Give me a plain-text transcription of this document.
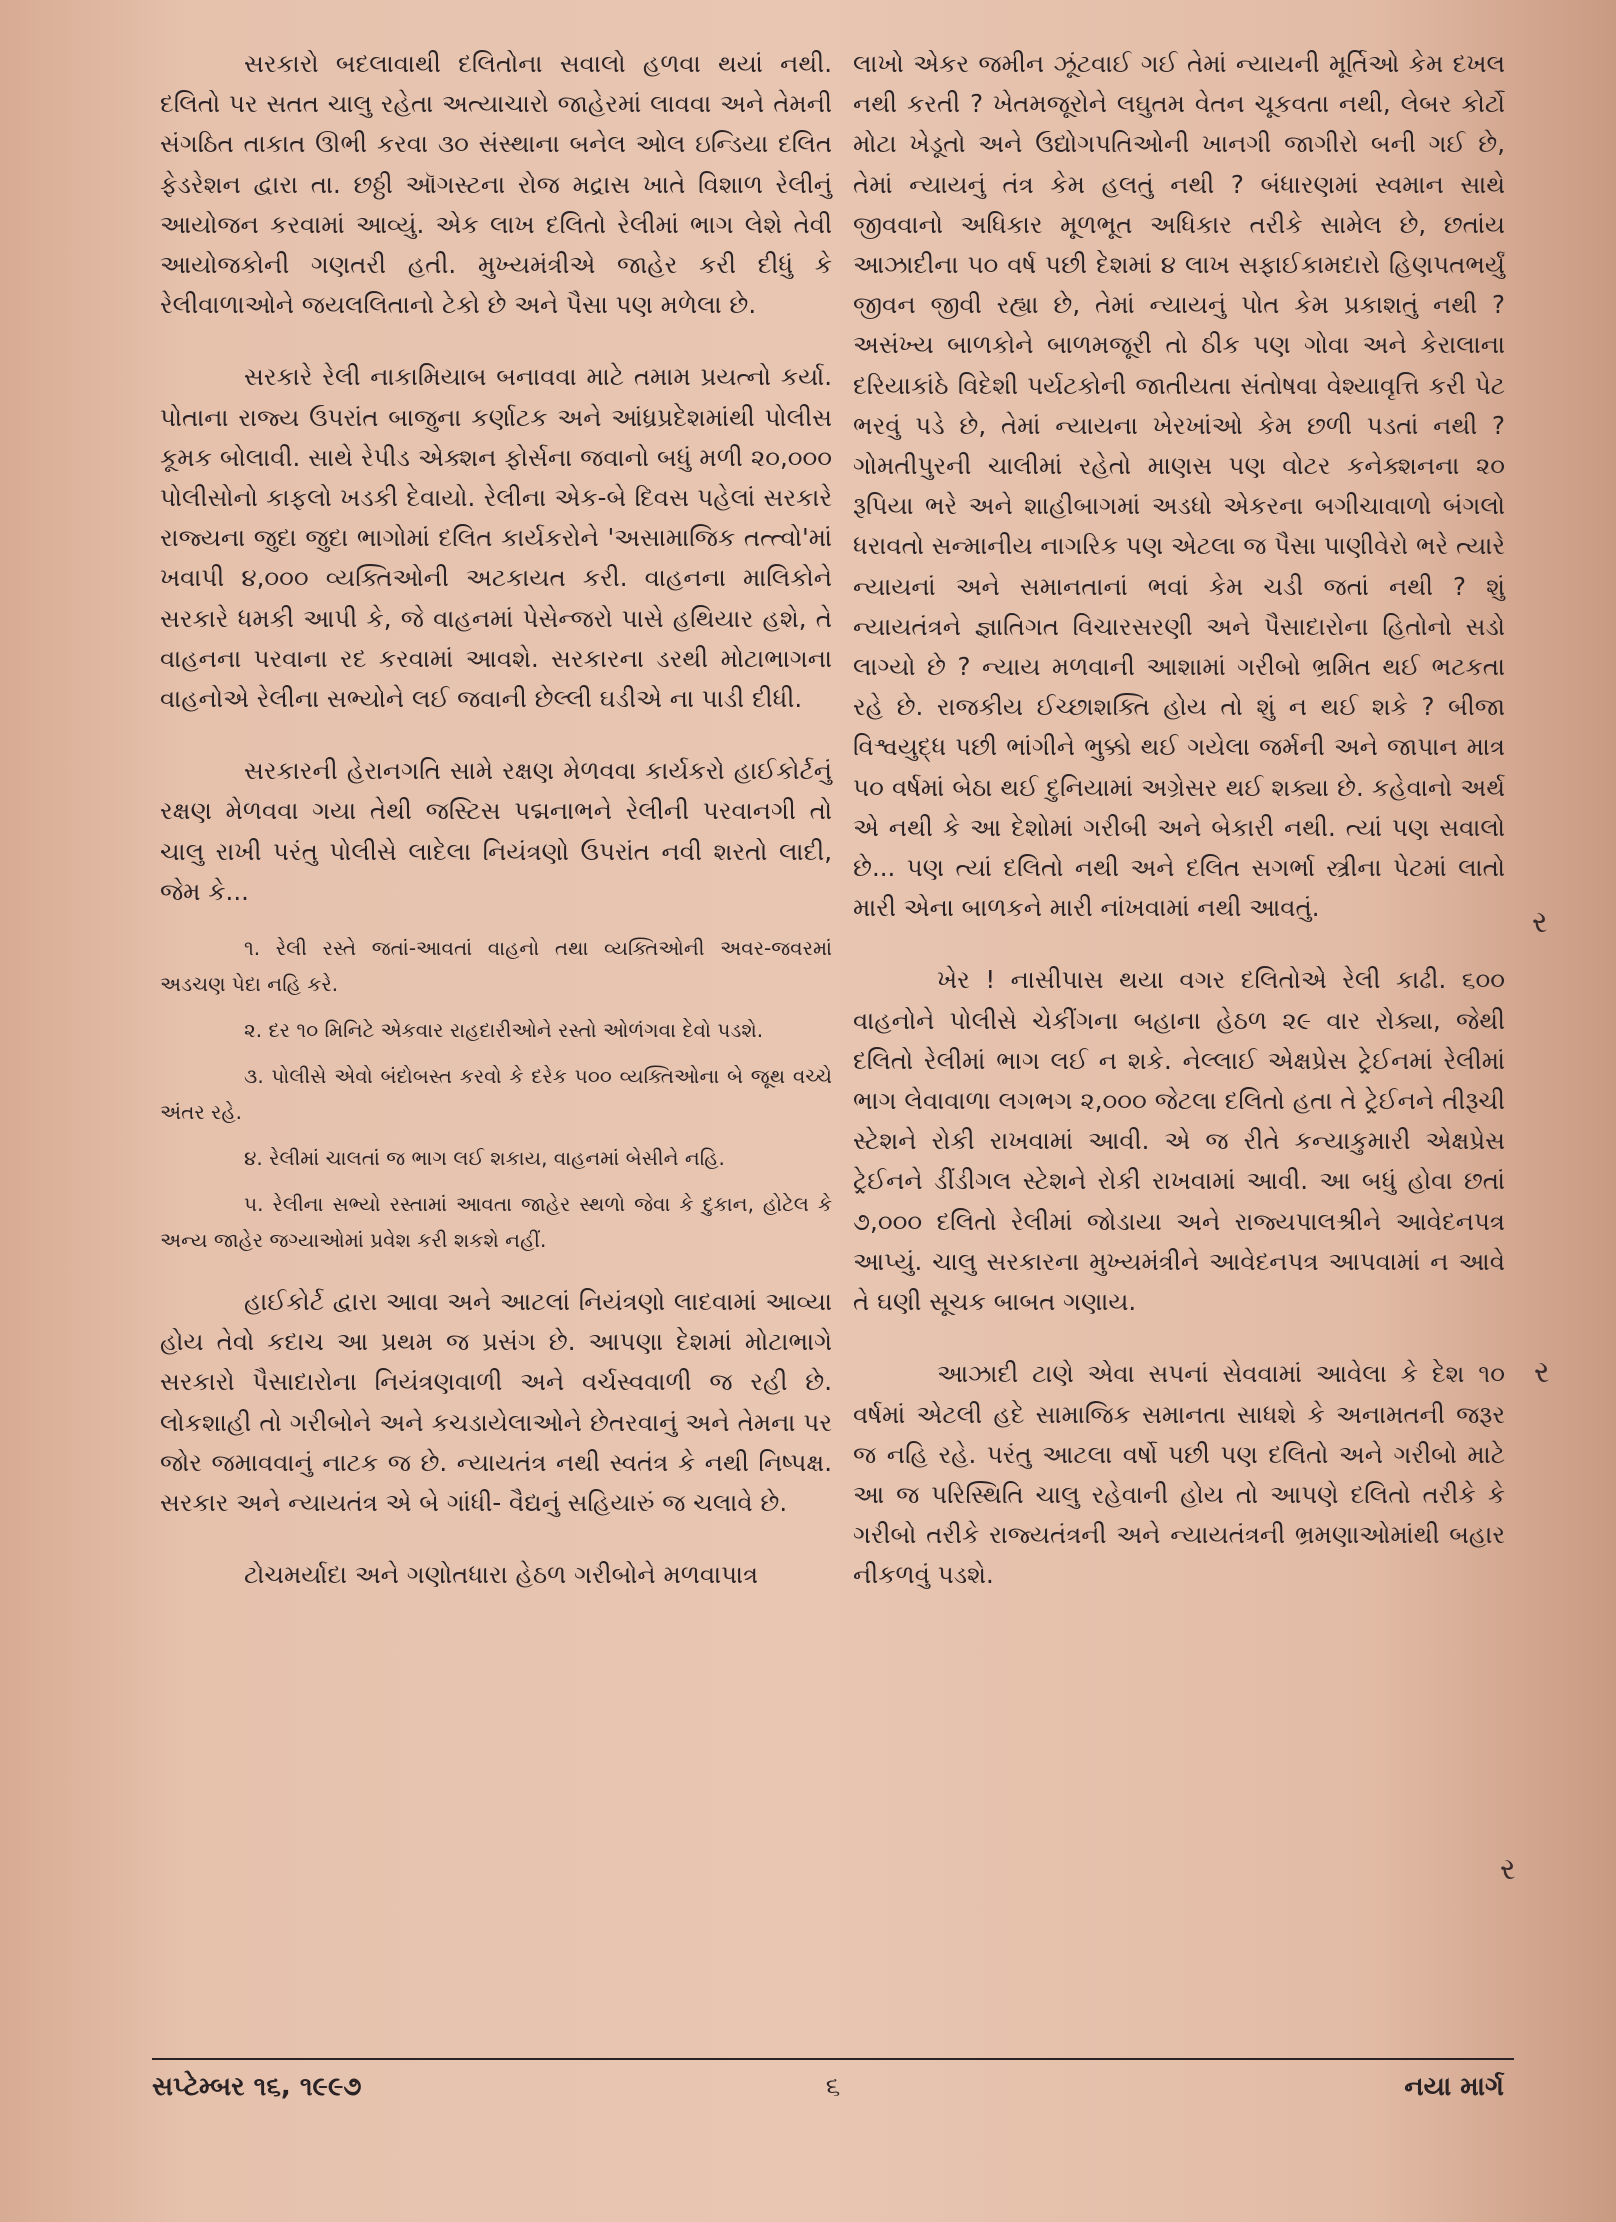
સરકારો બદલાવાથી દલિતોના સવાલો હળવા થયાં નથી. દલિતો પર સતત ચાલુ રહેતા અત્યાચારો જાહેરમાં લાવવા અને તેમની સંગઠિત તાકાત ઊભી કરવા ૩૦ સંસ્થાના બનેલ ઓલ ઇન્ડિયા દલિત ફેડરેશન દ્વારા તા. છઠ્ઠી ઑગસ્ટના રોજ મદ્રાસ ખાતે વિશાળ રેલીનું આયોજન કરવામાં આવ્યું. એક લાખ દલિતો રેલીમાં ભાગ લેશે તેવી આયોજકોની ગણતરી હતી. મુખ્યમંત્રીએ જાહેર કરી દીધું કે રેલીવાળાઓને જયલલિતાનો ટેકો છે અને પૈસા પણ મળેલા છે.

સરકારે રેલી નાકામિયાબ બનાવવા માટે તમામ પ્રયત્નો કર્યા. પોતાના રાજ્ય ઉપરાંત બાજુના કર્ણાટક અને આંધ્રપ્રદેશમાંથી પોલીસ કૂમક બોલાવી. સાથે રેપીડ એક્શન ફોર્સના જવાનો બધું મળી ૨૦,૦૦૦ પોલીસોનો કાફલો ખડકી દેવાયો. રેલીના એક-બે દિવસ પહેલાં સરકારે રાજ્યના જુદા જુદા ભાગોમાં દલિત કાર્યકરોને 'અસામાજિક તત્ત્વો'માં ખવાપી ૪,૦૦૦ વ્યક્તિઓની અટકાયત કરી. વાહનના માલિકોને સરકારે ધમકી આપી કે, જે વાહનમાં પેસેન્જરો પાસે હથિયાર હશે, તે વાહનના પરવાના રદ કરવામાં આવશે. સરકારના ડરથી મોટાભાગના વાહનોએ રેલીના સભ્યોને લઈ જવાની છેલ્લી ઘડીએ ના પાડી દીધી.

સરકારની હેરાનગતિ સામે રક્ષણ મેળવવા કાર્યકરો હાઈકોર્ટનું રક્ષણ મેળવવા ગયા તેથી જસ્ટિસ પદ્મનાભને રેલીની પરવાનગી તો ચાલુ રાખી પરંતુ પોલીસે લાદેલા નિયંત્રણો ઉપરાંત નવી શરતો લાદી, જેમ કે...

૧. રેલી રસ્તે જતાં-આવતાં વાહનો તથા વ્યક્તિઓની અવર-જવરમાં અડચણ પેદા નહિ કરે.
૨. દર ૧૦ મિનિટે એકવાર રાહદારીઓને રસ્તો ઓળંગવા દેવો પડશે.
૩. પોલીસે એવો બંદોબસ્ત કરવો કે દરેક ૫૦૦ વ્યક્તિઓના બે જૂથ વચ્ચે અંતર રહે.
૪. રેલીમાં ચાલતાં જ ભાગ લઈ શકાય, વાહનમાં બેસીને નહિ.
૫. રેલીના સભ્યો રસ્તામાં આવતા જાહેર સ્થળો જેવા કે દુકાન, હોટેલ કે અન્ય જાહેર જગ્યાઓમાં પ્રવેશ કરી શકશે નહીં.

હાઈકોર્ટ દ્વારા આવા અને આટલાં નિયંત્રણો લાદવામાં આવ્યા હોય તેવો કદાચ આ પ્રથમ જ પ્રસંગ છે. આપણા દેશમાં મોટાભાગે સરકારો પૈસાદારોના નિયંત્રણવાળી અને વર્ચસ્વવાળી જ રહી છે. લોકશાહી તો ગરીબોને અને કચડાયેલાઓને છેતરવાનું અને તેમના પર જોર જમાવવાનું નાટક જ છે. ન્યાયતંત્ર નથી સ્વતંત્ર કે નથી નિષ્પક્ષ. સરકાર અને ન્યાયતંત્ર એ બે ગાંધી- વૈદ્યનું સહિયારું જ ચલાવે છે.

ટોચમર્યાદા અને ગણોતધારા હેઠળ ગરીબોને મળવાપાત્ર

લાખો એકર જમીન ઝૂંટવાઈ ગઈ તેમાં ન્યાયની મૂર્તિઓ કેમ દખલ નથી કરતી ? ખેતમજૂરોને લઘુતમ વેતન ચૂકવતા નથી, લેબર કોર્ટો મોટા ખેડૂતો અને ઉદ્યોગપતિઓની ખાનગી જાગીરો બની ગઈ છે, તેમાં ન્યાયનું તંત્ર કેમ હલતું નથી ? બંધારણમાં સ્વમાન સાથે જીવવાનો અધિકાર મૂળભૂત અધિકાર તરીકે સામેલ છે, છતાંય આઝાદીના ૫૦ વર્ષ પછી દેશમાં ૪ લાખ સફાઈકામદારો હિણપતભર્યું જીવન જીવી રહ્યા છે, તેમાં ન્યાયનું પોત કેમ પ્રકાશતું નથી ? અસંખ્ય બાળકોને બાળમજૂરી તો ઠીક પણ ગોવા અને કેરાલાના દરિયાકાંઠે વિદેશી પર્યટકોની જાતીયતા સંતોષવા વેશ્યાવૃત્તિ કરી પેટ ભરવું પડે છે, તેમાં ન્યાયના ખેરખાંઓ કેમ છળી પડતાં નથી ? ગોમતીપુરની ચાલીમાં રહેતો માણસ પણ વોટર કનેક્શનના ૨૦ રૂપિયા ભરે અને શાહીબાગમાં અડધો એકરના બગીચાવાળો બંગલો ધરાવતો સન્માનીય નાગરિક પણ એટલા જ પૈસા પાણીવેરો ભરે ત્યારે ન્યાયનાં અને સમાનતાનાં ભવાં કેમ ચડી જતાં નથી ? શું ન્યાયતંત્રને જ્ઞાતિગત વિચારસરણી અને પૈસાદારોના હિતોનો સડો લાગ્યો છે ? ન્યાય મળવાની આશામાં ગરીબો ભ્રમિત થઈ ભટકતા રહે છે. રાજકીય ઈચ્છાશક્તિ હોય તો શું ન થઈ શકે ? બીજા વિશ્વયુદ્ધ પછી ભાંગીને ભુક્કો થઈ ગયેલા જર્મની અને જાપાન માત્ર ૫૦ વર્ષમાં બેઠા થઈ દુનિયામાં અગ્રેસર થઈ શક્યા છે. કહેવાનો અર્થ એ નથી કે આ દેશોમાં ગરીબી અને બેકારી નથી. ત્યાં પણ સવાલો છે... પણ ત્યાં દલિતો નથી અને દલિત સગર્ભા સ્ત્રીના પેટમાં લાતો મારી એના બાળકને મારી નાંખવામાં નથી આવતું.

ખેર ! નાસીપાસ થયા વગર દલિતોએ રેલી કાઢી. ૬૦૦ વાહનોને પોલીસે ચેકીંગના બહાના હેઠળ ૨૯ વાર રોક્યા, જેથી દલિતો રેલીમાં ભાગ લઈ ન શકે. નેલ્લાઈ એક્ષપ્રેસ ટ્રેઈનમાં રેલીમાં ભાગ લેવાવાળા લગભગ ૨,૦૦૦ જેટલા દલિતો હતા તે ટ્રેઈનને તીરૂચી સ્ટેશને રોકી રાખવામાં આવી. એ જ રીતે કન્યાકુમારી એક્ષપ્રેસ ટ્રેઈનને ડીંડીગલ સ્ટેશને રોકી રાખવામાં આવી. આ બધું હોવા છતાં ૭,૦૦૦ દલિતો રેલીમાં જોડાયા અને રાજ્યપાલશ્રીને આવેદનપત્ર આપ્યું. ચાલુ સરકારના મુખ્યમંત્રીને આવેદનપત્ર આપવામાં ન આવે તે ઘણી સૂચક બાબત ગણાય.

આઝાદી ટાણે એવા સપનાં સેવવામાં આવેલા કે દેશ ૧૦ વર્ષમાં એટલી હદે સામાજિક સમાનતા સાધશે કે અનામતની જરૂર જ નહિ રહે. પરંતુ આટલા વર્ષો પછી પણ દલિતો અને ગરીબો માટે આ જ પરિસ્થિતિ ચાલુ રહેવાની હોય તો આપણે દલિતો તરીકે કે ગરીબો તરીકે રાજ્યતંત્રની અને ન્યાયતંત્રની ભ્રમણાઓમાંથી બહાર નીકળવું પડશે.

ર
ર
ર
સપ્ટેમ્બર ૧૬, ૧૯૯૭	૬	નયા માર્ગ
